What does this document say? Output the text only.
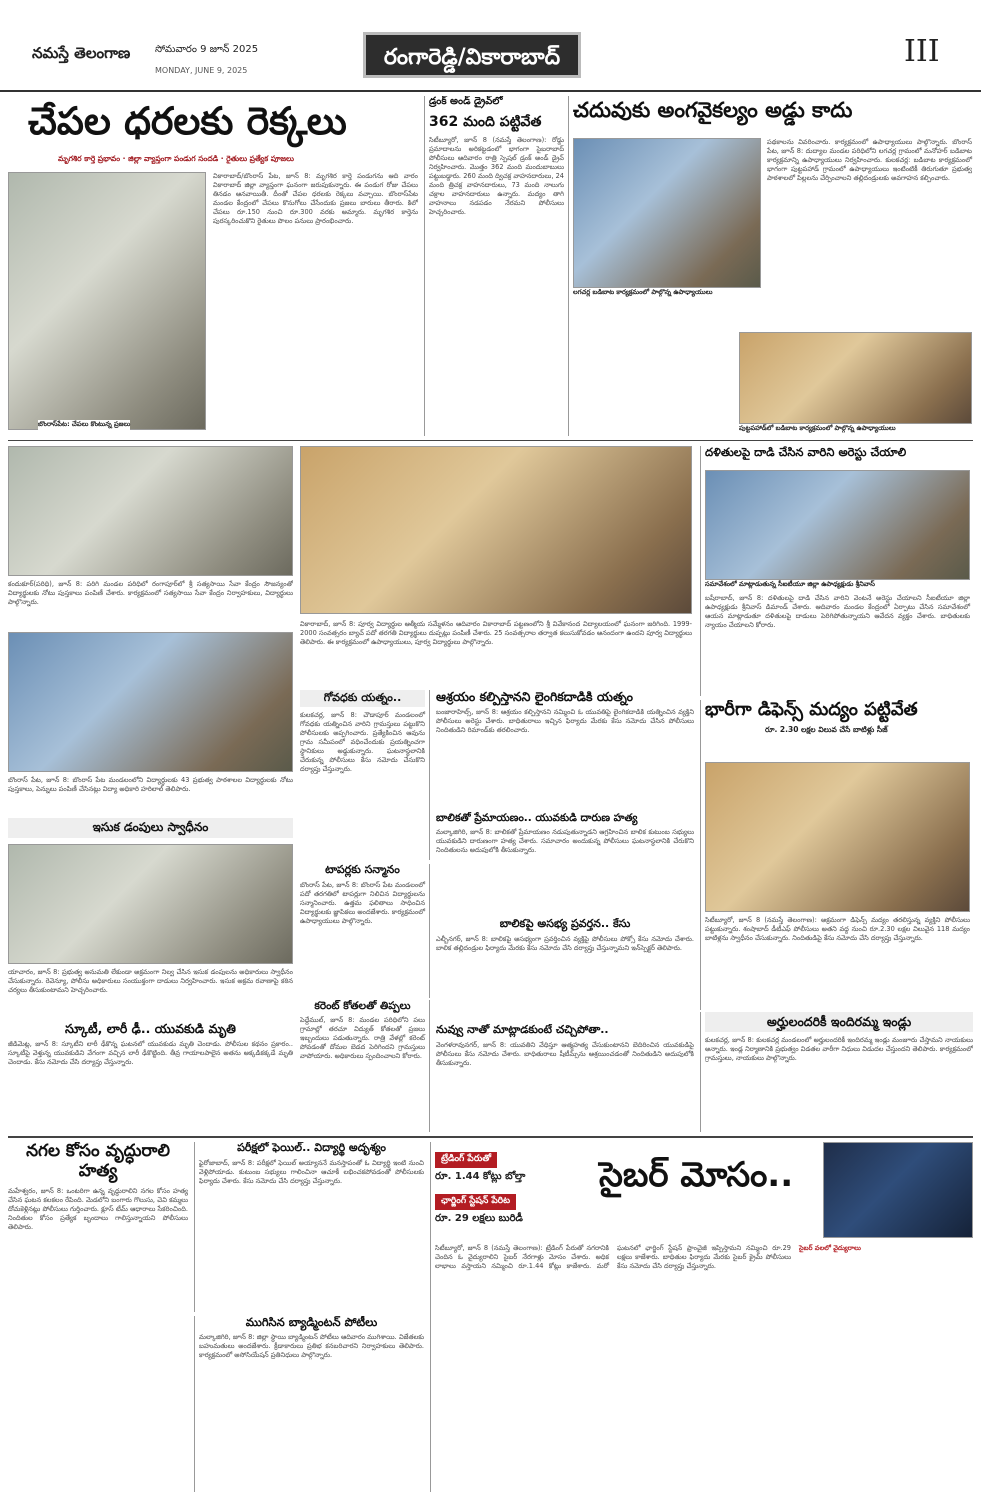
నమస్తే తెలంగాణ సోమవారం 9 జూన్ 2025
MONDAY, JUNE 9, 2025
రంగారెడ్డి/వికారాబాద్	III
చేపల ధరలకు రెక్కలు
మృగశిర కార్తె ప్రభావం · జిల్లా వ్యాప్తంగా పండుగ సందడి · రైతులు ప్రత్యేక పూజలు
బొంరాస్‌పేట: చేపలు కొంటున్న ప్రజలు
వికారాబాద్/బొంరాస్ పేట, జూన్ 8: మృగశిర కార్తె పండుగను ఆది వారం వికారాబాద్ జిల్లా వ్యాప్తంగా ఘనంగా జరుపుకున్నారు. ఈ పండుగ రోజు చేపలు తినడం ఆనవాయితీ. దీంతో చేపల ధరలకు రెక్కలు వచ్చాయి. బొంరాస్‌పేట మండల కేంద్రంలో చేపలు కొనుగోలు చేసేందుకు ప్రజలు బారులు తీరారు. కిలో చేపలు రూ.150 నుంచి రూ.300 వరకు అమ్మారు. మృగశిర కార్తెను పురస్కరించుకొని రైతులు పొలం పనులు ప్రారంభించారు.
డ్రంక్ అండ్ డ్రైవ్‌లో
362 మంది పట్టివేత
సిటీబ్యూరో, జూన్ 8 (నమస్తే తెలంగాణ): రోడ్డు ప్రమాదాలను అరికట్టడంలో భాగంగా సైబరాబాద్ పోలీసులు ఆదివారం రాత్రి స్పెషల్ డ్రంక్ అండ్ డ్రైవ్ నిర్వహించారు. మొత్తం 362 మంది మందుబాబులు పట్టుబడ్డారు. 260 మంది ద్విచక్ర వాహనదారులు, 24 మంది త్రిచక్ర వాహనదారులు, 73 మంది నాలుగు చక్రాల వాహనదారులు ఉన్నారు. మద్యం తాగి వాహనాలు నడపడం నేరమని పోలీసులు హెచ్చరించారు.
చదువుకు అంగవైకల్యం అడ్డు కాదు
లగచర్ల బడిబాట కార్యక్రమంలో పాల్గొన్న ఉపాధ్యాయులు
పథకాలను వివరించారు. కార్యక్రమంలో ఉపాధ్యాయులు పాల్గొన్నారు. బొంరాస్ పేట, జూన్ 8: దుద్యాల మండల పరిధిలోని లగచర్ల గ్రామంలో మనోహర్ బడిబాట కార్యక్రమాన్ని ఉపాధ్యాయులు నిర్వహించారు. కులకచర్ల: బడిబాట కార్యక్రమంలో భాగంగా పుట్టపహాడ్ గ్రామంలో ఉపాధ్యాయులు ఇంటింటికీ తిరుగుతూ ప్రభుత్వ పాఠశాలలో పిల్లలను చేర్పించాలని తల్లిదండ్రులకు అవగాహన కల్పించారు.
పుట్టపహాడ్‌లో బడిబాట కార్యక్రమంలో పాల్గొన్న ఉపాధ్యాయులు
కందుకూర్(పరిధి), జూన్ 8: పరిగి మండల పరిధిలో రంగాపూర్‌లో శ్రీ సత్యసాయి సేవా కేంద్రం సౌజన్యంతో విద్యార్థులకు నోటు పుస్తకాలు పంపిణీ చేశారు. కార్యక్రమంలో సత్యసాయి సేవా కేంద్రం నిర్వాహకులు, విద్యార్థులు పాల్గొన్నారు.
బొంరాస్ పేట, జూన్ 8: బొంరాస్ పేట మండలంలోని విద్యార్థులకు 43 ప్రభుత్వ పాఠశాలల విద్యార్థులకు నోటు పుస్తకాలు, పెన్నులు పంపిణీ చేసినట్లు విద్యా అధికారి హరిలాల్ తెలిపారు.
వికారాబాద్, జూన్ 8: పూర్వ విద్యార్థుల ఆత్మీయ సమ్మేళనం ఆదివారం వికారాబాద్ పట్టణంలోని శ్రీ వివేకానంద విద్యాలయంలో ఘనంగా జరిగింది. 1999-2000 సంవత్సరం బ్యాచ్ పదో తరగతి విద్యార్థులు దుప్పట్లు పంపిణీ చేశారు. 25 సంవత్సరాల తర్వాత కలుసుకోవడం ఆనందంగా ఉందని పూర్వ విద్యార్థులు తెలిపారు. ఈ కార్యక్రమంలో ఉపాధ్యాయులు, పూర్వ విద్యార్థులు పాల్గొన్నారు.
దళితులపై దాడి చేసిన వారిని అరెస్టు చేయాలి
సమావేశంలో మాట్లాడుతున్న సీఐటీయూ జిల్లా ఉపాధ్యక్షుడు శ్రీనివాస్
బషీరాబాద్, జూన్ 8: దళితులపై దాడి చేసిన వారిని వెంటనే అరెస్టు చేయాలని సీఐటీయూ జిల్లా ఉపాధ్యక్షుడు శ్రీనివాస్ డిమాండ్ చేశారు. ఆదివారం మండల కేంద్రంలో ఏర్పాటు చేసిన సమావేశంలో ఆయన మాట్లాడుతూ దళితులపై దాడులు పెరిగిపోతున్నాయని ఆవేదన వ్యక్తం చేశారు. బాధితులకు న్యాయం చేయాలని కోరారు.
భారీగా డిఫెన్స్ మద్యం పట్టివేత
రూ. 2.30 లక్షల విలువ చేసే బాటిళ్లు సీజ్
సిటీబ్యూరో, జూన్ 8 (నమస్తే తెలంగాణ): అక్రమంగా డిఫెన్స్ మద్యం తరలిస్తున్న వ్యక్తిని పోలీసులు పట్టుకున్నారు. శంషాబాద్ డీటీఎఫ్ పోలీసులు అతని వద్ద నుంచి రూ.2.30 లక్షల విలువైన 118 మద్యం బాటిళ్లను స్వాధీనం చేసుకున్నారు. నిందితుడిపై కేసు నమోదు చేసి దర్యాప్తు చేస్తున్నారు.
అర్హులందరికీ ఇందిరమ్మ ఇండ్లు
కులకచర్ల, జూన్ 8: కులకచర్ల మండలంలో అర్హులందరికీ ఇందిరమ్మ ఇండ్లు మంజూరు చేస్తామని నాయకులు అన్నారు. ఇండ్ల నిర్మాణానికి ప్రభుత్వం విడతల వారీగా నిధులు విడుదల చేస్తుందని తెలిపారు. కార్యక్రమంలో గ్రామస్తులు, నాయకులు పాల్గొన్నారు.
గోవధకు యత్నం..
కులకచర్ల, జూన్ 8: చౌడాపూర్ మండలంలో గోవధకు యత్నించిన వారిని గ్రామస్తులు పట్టుకొని పోలీసులకు అప్పగించారు. ప్రత్యేకించిన ఆవును గ్రామ సమీపంలో వధించేందుకు ప్రయత్నించగా స్థానికులు అడ్డుకున్నారు. ఘటనాస్థలానికి చేరుకున్న పోలీసులు కేసు నమోదు చేసుకొని దర్యాప్తు చేస్తున్నారు.
టాపర్లకు సన్మానం
బొంరాస్ పేట, జూన్ 8: బొంరాస్ పేట మండలంలో పదో తరగతిలో టాపర్లుగా నిలిచిన విద్యార్థులను సన్మానించారు. ఉత్తమ ఫలితాలు సాధించిన విద్యార్థులకు జ్ఞాపికలు అందజేశారు. కార్యక్రమంలో ఉపాధ్యాయులు పాల్గొన్నారు.
కరెంట్ కోతలతో తిప్పలు
పెద్దేముల్, జూన్ 8: మండల పరిధిలోని పలు గ్రామాల్లో తరచూ విద్యుత్ కోతలతో ప్రజలు ఇబ్బందులు పడుతున్నారు. రాత్రి వేళల్లో కరెంట్ పోవడంతో దోమల బెడద పెరిగిందని గ్రామస్తులు వాపోయారు. అధికారులు స్పందించాలని కోరారు.
ఆశ్రయం కల్పిస్తానని లైంగికదాడికి యత్నం
బంజారాహిల్స్, జూన్ 8: ఆశ్రయం కల్పిస్తానని నమ్మించి ఓ యువతిపై లైంగికదాడికి యత్నించిన వ్యక్తిని పోలీసులు అరెస్టు చేశారు. బాధితురాలు ఇచ్చిన ఫిర్యాదు మేరకు కేసు నమోదు చేసిన పోలీసులు నిందితుడిని రిమాండ్‌కు తరలించారు.
బాలికతో ప్రేమాయణం.. యువకుడి దారుణ హత్య
మల్కాజిగిరి, జూన్ 8: బాలికతో ప్రేమాయణం నడుపుతున్నాడని ఆగ్రహించిన బాలిక కుటుంబ సభ్యులు యువకుడిని దారుణంగా హత్య చేశారు. సమాచారం అందుకున్న పోలీసులు ఘటనాస్థలానికి చేరుకొని నిందితులను అదుపులోకి తీసుకున్నారు.
బాలికపై అసభ్య ప్రవర్తన.. కేసు
ఎల్బీనగర్, జూన్ 8: బాలికపై అసభ్యంగా ప్రవర్తించిన వ్యక్తిపై పోలీసులు పోక్సో కేసు నమోదు చేశారు. బాలిక తల్లిదండ్రుల ఫిర్యాదు మేరకు కేసు నమోదు చేసి దర్యాప్తు చేస్తున్నామని ఇన్‌స్పెక్టర్ తెలిపారు.
నువ్వు నాతో మాట్లాడకుంటే చచ్చిపోతా..
వెంగళరావునగర్, జూన్ 8: యువతిని వేధిస్తూ ఆత్మహత్య చేసుకుంటానని బెదిరించిన యువకుడిపై పోలీసులు కేసు నమోదు చేశారు. బాధితురాలు షీటీమ్స్‌ను ఆశ్రయించడంతో నిందితుడిని అదుపులోకి తీసుకున్నారు.
ఇసుక డంపులు స్వాధీనం
యాచారం, జూన్ 8: ప్రభుత్వ అనుమతి లేకుండా అక్రమంగా నిల్వ చేసిన ఇసుక డంపులను అధికారులు స్వాధీనం చేసుకున్నారు. రెవెన్యూ, పోలీసు అధికారులు సంయుక్తంగా దాడులు నిర్వహించారు. ఇసుక అక్రమ రవాణాపై కఠిన చర్యలు తీసుకుంటామని హెచ్చరించారు.
స్కూటీ, లారీ ఢీ.. యువకుడి మృతి
జీడిమెట్ల, జూన్ 8: స్కూటీని లారీ ఢీకొన్న ఘటనలో యువకుడు మృతి చెందాడు. పోలీసుల కథనం ప్రకారం.. స్కూటీపై వెళ్తున్న యువకుడిని వేగంగా వచ్చిన లారీ ఢీకొట్టింది. తీవ్ర గాయాలపాలైన అతను అక్కడికక్కడే మృతి చెందాడు. కేసు నమోదు చేసి దర్యాప్తు చేస్తున్నారు.
నగల కోసం వృద్ధురాలి హత్య
మహేశ్వరం, జూన్ 8: ఒంటరిగా ఉన్న వృద్ధురాలిని నగల కోసం హత్య చేసిన ఘటన కలకలం రేపింది. మెడలోని బంగారు గొలుసు, చెవి కమ్మలు దోచుకెళ్లినట్లు పోలీసులు గుర్తించారు. క్లూస్ టీమ్ ఆధారాలు సేకరించింది. నిందితుల కోసం ప్రత్యేక బృందాలు గాలిస్తున్నాయని పోలీసులు తెలిపారు.
పరీక్షలో ఫెయిల్.. విద్యార్థి అదృశ్యం
ఫైరోజాబాద్, జూన్ 8: పరీక్షలో ఫెయిల్ అయ్యాననే మనస్తాపంతో ఓ విద్యార్థి ఇంటి నుంచి వెళ్లిపోయాడు. కుటుంబ సభ్యులు గాలించినా ఆచూకీ లభించకపోవడంతో పోలీసులకు ఫిర్యాదు చేశారు. కేసు నమోదు చేసి దర్యాప్తు చేస్తున్నారు.
ముగిసిన బ్యాడ్మింటన్ పోటీలు
మల్కాజిగిరి, జూన్ 8: జిల్లా స్థాయి బ్యాడ్మింటన్ పోటీలు ఆదివారం ముగిశాయి. విజేతలకు బహుమతులు అందజేశారు. క్రీడాకారులు ప్రతిభ కనబరిచారని నిర్వాహకులు తెలిపారు. కార్యక్రమంలో అసోసియేషన్ ప్రతినిధులు పాల్గొన్నారు.
ట్రేడింగ్ పేరుతో
రూ. 1.44 కోట్లు బోల్తా
ఛార్జింగ్ స్టేషన్ పేరిట
రూ. 29 లక్షలు బురిడీ
సైబర్ మోసం..
సిటీబ్యూరో, జూన్ 8 (నమస్తే తెలంగాణ): ట్రేడింగ్ పేరుతో నగరానికి చెందిన ఓ వైద్యురాలిని సైబర్ నేరగాళ్లు మోసం చేశారు. అధిక లాభాలు వస్తాయని నమ్మించి రూ.1.44 కోట్లు కాజేశారు. మరో ఘటనలో ఛార్జింగ్ స్టేషన్ ఫ్రాంచైజీ ఇప్పిస్తామని నమ్మించి రూ.29 లక్షలు కాజేశారు. బాధితుల ఫిర్యాదు మేరకు సైబర్ క్రైమ్ పోలీసులు కేసు నమోదు చేసి దర్యాప్తు చేస్తున్నారు.
సైబర్ వలలో వైద్యురాలు
